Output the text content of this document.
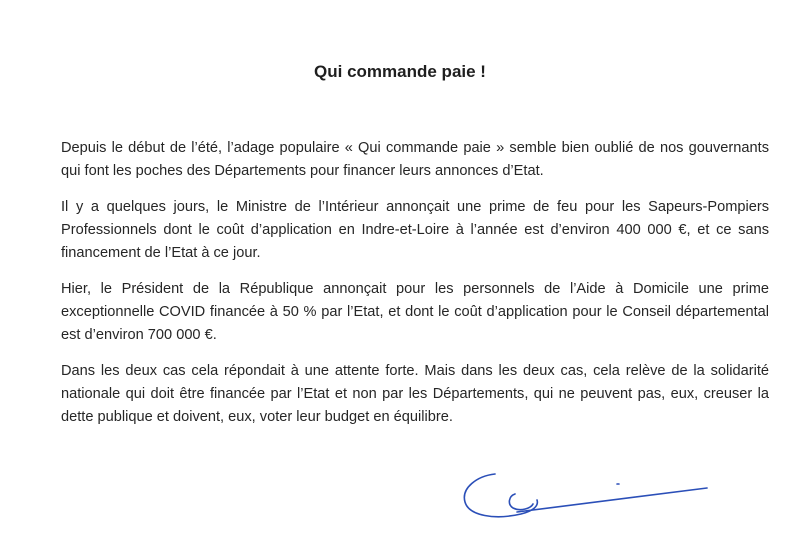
Qui commande paie !

Depuis le début de l’été, l’adage populaire « Qui commande paie » semble bien oublié de nos gouvernants qui font les poches des Départements pour financer leurs annonces d’Etat.

Il y a quelques jours, le Ministre de l’Intérieur annonçait une prime de feu pour les Sapeurs-Pompiers Professionnels dont le coût d’application en Indre-et-Loire à l’année est d’environ 400 000 €, et ce sans financement de l’Etat à ce jour.

Hier, le Président de la République annonçait pour les personnels de l’Aide à Domicile une prime exceptionnelle COVID financée à 50 % par l’Etat, et dont le coût d’application pour le Conseil départemental est d’environ 700 000 €.

Dans les deux cas cela répondait à une attente forte. Mais dans les deux cas, cela relève de la solidarité nationale qui doit être financée par l’Etat et non par les Départements, qui ne peuvent pas, eux, creuser la dette publique et doivent, eux, voter leur budget en équilibre.
